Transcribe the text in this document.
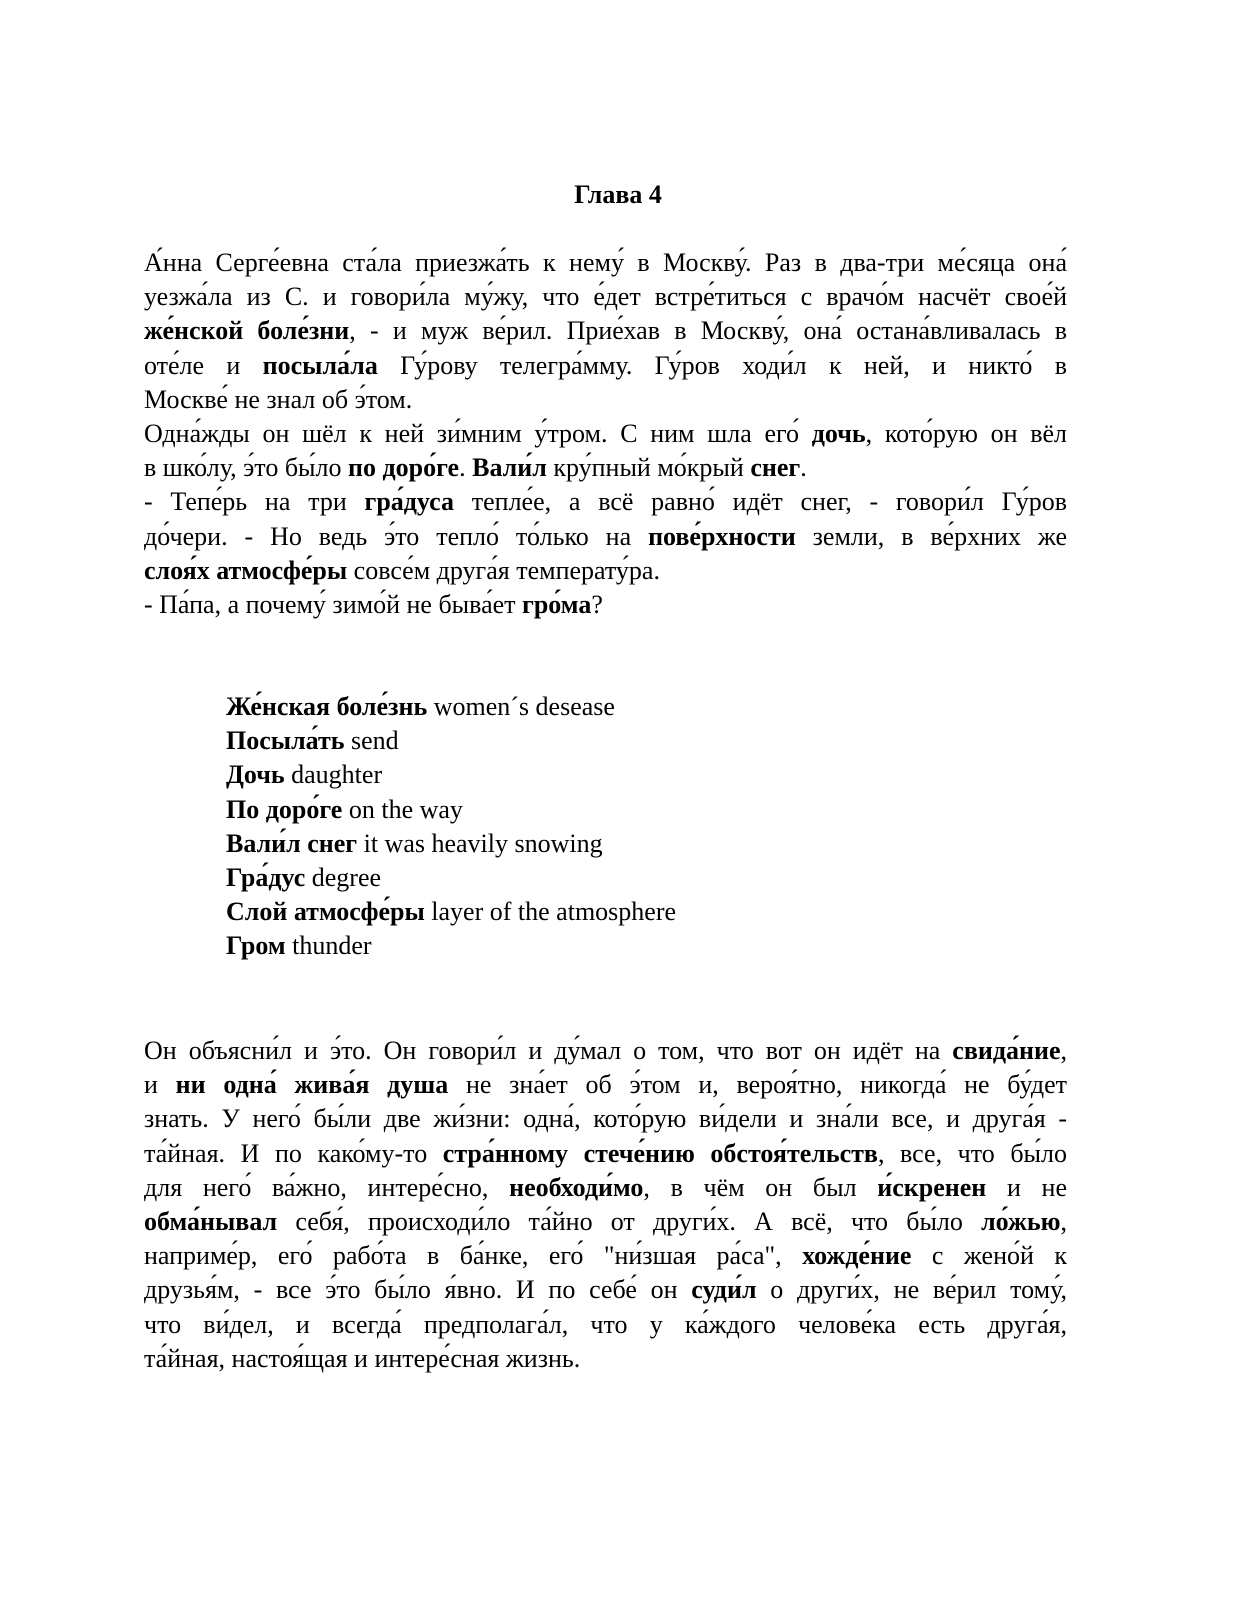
Глава 4
А́нна Серге́евна ста́ла приезжа́ть к нему́ в Москву́. Раз в два-три ме́сяца она́
уезжа́ла из С. и говори́ла му́жу, что е́дет встре́титься с врачо́м насчёт свое́й
же́нской боле́зни, - и муж ве́рил. Прие́хав в Москву́, она́ остана́вливалась в
оте́ле и посыла́ла Гу́рову телегра́мму. Гу́ров ходи́л к ней, и никто́ в
Москве́ не знал об э́том.
Одна́жды он шёл к ней зи́мним у́тром. С ним шла его́ дочь, кото́рую он вёл
в шко́лу, э́то бы́ло по доро́ге. Вали́л кру́пный мо́крый снег.
- Тепе́рь на три гра́дуса тепле́е, а всё равно́ идёт снег, - говори́л Гу́ров
до́чери. - Но ведь э́то тепло́ то́лько на пове́рхности земли, в ве́рхних же
слоя́х атмосфе́ры совсе́м друга́я температу́ра.
- Па́па, а почему́ зимо́й не быва́ет гро́ма?
Же́нская боле́знь women´s desease
Посыла́ть send
Дочь daughter
По доро́ге on the way
Вали́л снег it was heavily snowing
Гра́дус degree
Слой атмосфе́ры layer of the atmosphere
Гром thunder
Он объясни́л и э́то. Он говори́л и ду́мал о том, что вот он идёт на свида́ние,
и ни одна́ жива́я душа не зна́ет об э́том и, вероя́тно, никогда́ не бу́дет
знать. У него́ бы́ли две жи́зни: одна́, кото́рую ви́дели и зна́ли все, и друга́я -
та́йная. И по како́му-то стра́нному стече́нию обстоя́тельств, все, что бы́ло
для него́ ва́жно, интере́сно, необходи́мо, в чём он был и́скренен и не
обма́нывал себя́, происходи́ло та́йно от други́х. А всё, что бы́ло ло́жью,
наприме́р, его́ рабо́та в ба́нке, его́ "ни́зшая ра́са", хожде́ние с жено́й к
друзья́м, - все э́то бы́ло я́вно. И по себе́ он суди́л о други́х, не ве́рил тому́,
что ви́дел, и всегда́ предполага́л, что у ка́ждого челове́ка есть друга́я,
та́йная, настоя́щая и интере́сная жизнь.
